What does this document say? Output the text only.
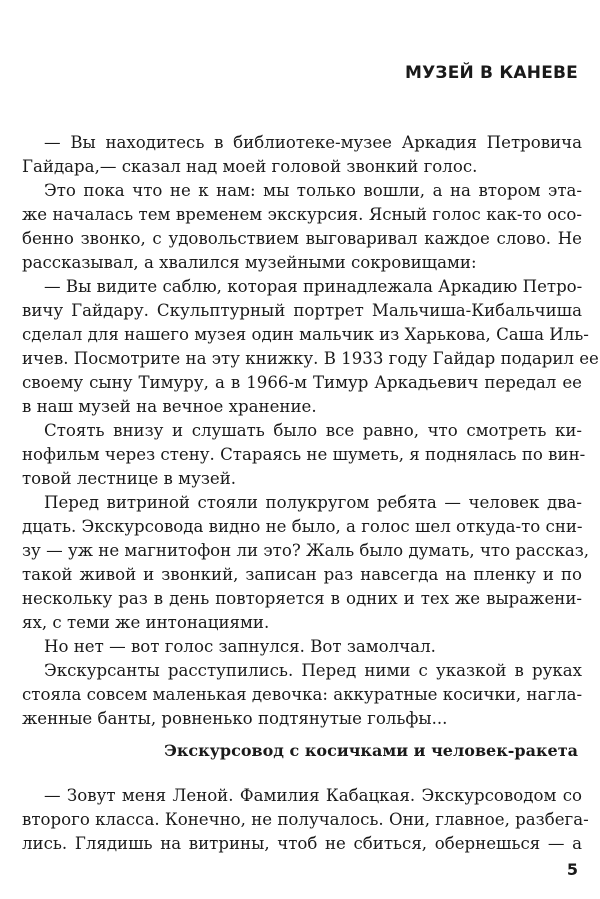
МУЗЕЙ В КАНЕВЕ
— Вы находитесь в библиотеке-музее Аркадия Петровича
Гайдара,— сказал над моей головой звонкий голос.
Это пока что не к нам: мы только вошли, а на втором эта-
же началась тем временем экскурсия. Ясный голос как-то осо-
бенно звонко, с удовольствием выговаривал каждое слово. Не
рассказывал, а хвалился музейными сокровищами:
— Вы видите саблю, которая принадлежала Аркадию Петро-
вичу Гайдару. Скульптурный портрет Мальчиша-Кибальчиша
сделал для нашего музея один мальчик из Харькова, Саша Иль-
ичев. Посмотрите на эту книжку. В 1933 году Гайдар подарил ее
своему сыну Тимуру, а в 1966-м Тимур Аркадьевич передал ее
в наш музей на вечное хранение.
Стоять внизу и слушать было все равно, что смотреть ки-
нофильм через стену. Стараясь не шуметь, я поднялась по вин-
товой лестнице в музей.
Перед витриной стояли полукругом ребята — человек два-
дцать. Экскурсовода видно не было, а голос шел откуда-то сни-
зу — уж не магнитофон ли это? Жаль было думать, что рассказ,
такой живой и звонкий, записан раз навсегда на пленку и по
нескольку раз в день повторяется в одних и тех же выражени-
ях, с теми же интонациями.
Но нет — вот голос запнулся. Вот замолчал.
Экскурсанты расступились. Перед ними с указкой в руках
стояла совсем маленькая девочка: аккуратные косички, нагла-
женные банты, ровненько подтянутые гольфы...
Экскурсовод с косичками и человек-ракета
— Зовут меня Леной. Фамилия Кабацкая. Экскурсоводом со
второго класса. Конечно, не получалось. Они, главное, разбега-
лись. Глядишь на витрины, чтоб не сбиться, обернешься — а
5
